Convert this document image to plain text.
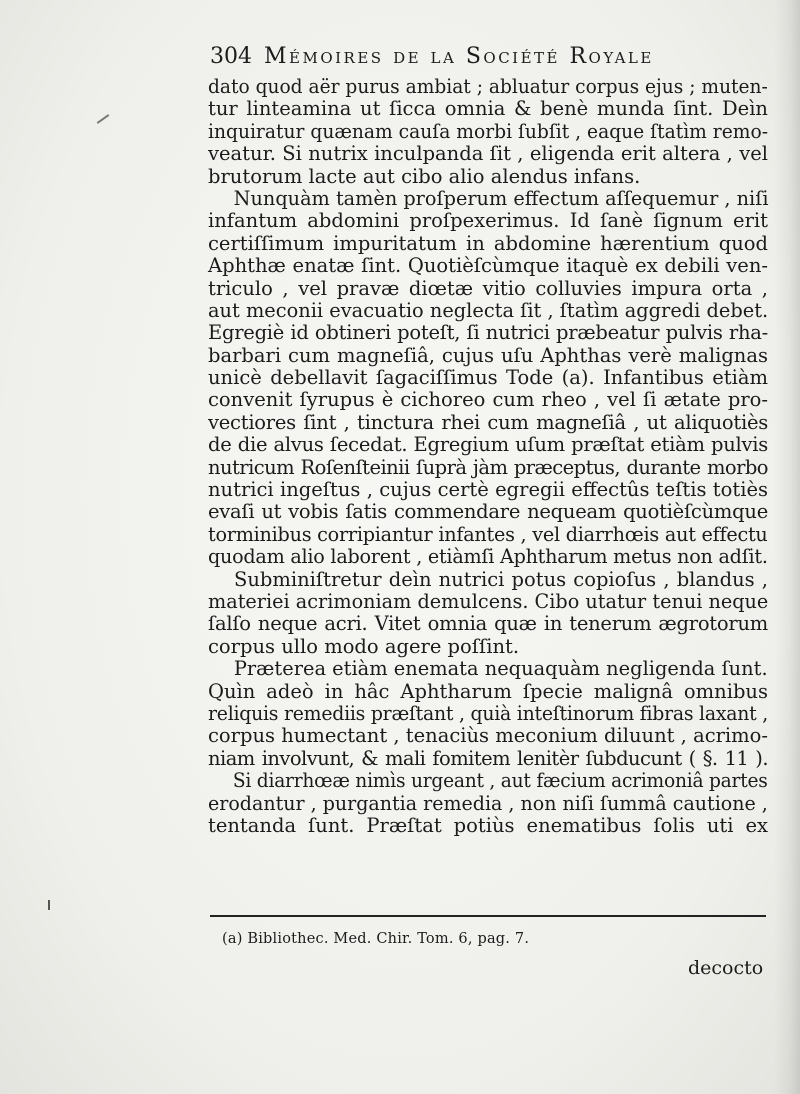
304 Mémoires de la Société Royale
dato quod aër purus ambiat ; abluatur corpus ejus ; muten-
tur linteamina ut ſicca omnia & benè munda ſint. Deìn
inquiratur quænam cauſa morbi ſubſit , eaque ſtatìm remo-
veatur. Si nutrix inculpanda ſit , eligenda erit altera , vel
brutorum lacte aut cibo alio alendus infans.
Nunquàm tamèn proſperum effectum aſſequemur , niſi
infantum abdomini proſpexerimus. Id ſanè ſignum erit
certiſſimum impuritatum in abdomine hærentium quod
Aphthæ enatæ ſint. Quotièſcùmque itaquè ex debili ven-
triculo , vel pravæ diœtæ vitio colluvies impura orta ,
aut meconii evacuatio neglecta ſit , ſtatìm aggredi debet.
Egregiè id obtineri poteſt, ſi nutrici præbeatur pulvis rha-
barbari cum magneſiâ, cujus uſu Aphthas verè malignas
unicè debellavit ſagaciſſimus Tode (a). Infantibus etiàm
convenit ſyrupus è cichoreo cum rheo , vel ſi ætate pro-
vectiores ſint , tinctura rhei cum magneſiâ , ut aliquotiès
de die alvus ſecedat. Egregium uſum præſtat etiàm pulvis
nutricum Roſenſteinii ſuprà jàm præceptus, durante morbo
nutrici ingeſtus , cujus certè egregii effectûs teſtis totiès
evaſi ut vobis ſatis commendare nequeam quotièſcùmque
torminibus corripiantur infantes , vel diarrhœis aut effectu
quodam alio laborent , etiàmſi Aphtharum metus non adſit.
Subminiſtretur deìn nutrici potus copioſus , blandus ,
materiei acrimoniam demulcens. Cibo utatur tenui neque
ſalſo neque acri. Vitet omnia quæ in tenerum ægrotorum
corpus ullo modo agere poſſint.
Præterea etiàm enemata nequaquàm negligenda ſunt.
Quìn adeò in hâc Aphtharum ſpecie malignâ omnibus
reliquis remediis præſtant , quià inteſtinorum fibras laxant ,
corpus humectant , tenaciùs meconium diluunt , acrimo-
niam involvunt, & mali fomitem lenitèr ſubducunt ( §. 11 ).
Si diarrhœæ nimìs urgeant , aut fæcium acrimoniâ partes
erodantur , purgantia remedia , non niſi ſummâ cautione ,
tentanda ſunt. Præſtat potiùs enematibus ſolis uti ex
(a) Bibliothec. Med. Chir. Tom. 6, pag. 7.
decocto
